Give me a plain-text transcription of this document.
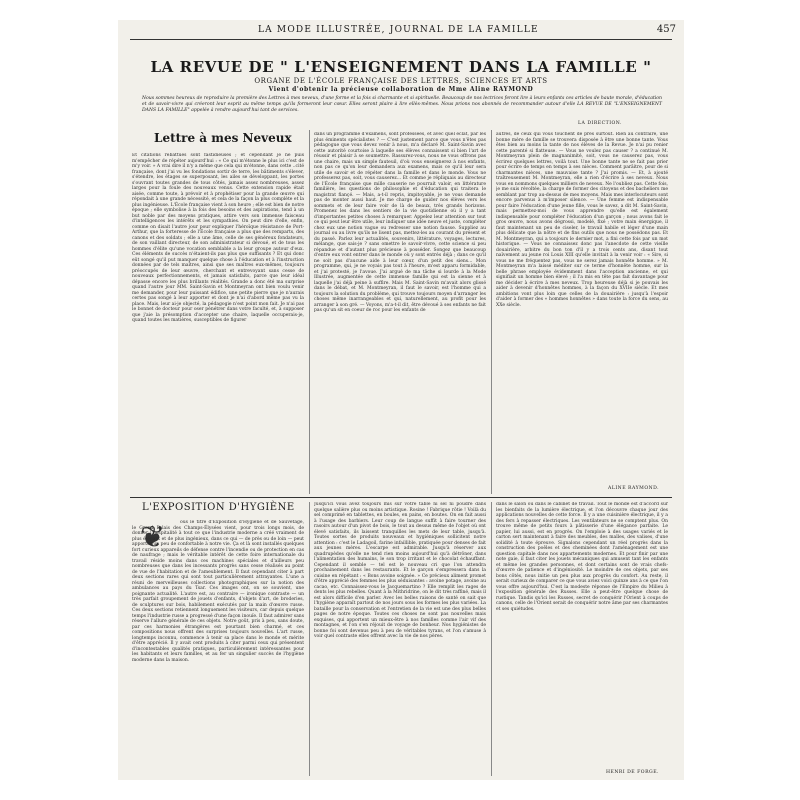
LA MODE ILLUSTRÉE, JOURNAL DE LA FAMILLE	457
LA REVUE DE " L'ENSEIGNEMENT DANS LA FAMILLE "
ORGANE DE L'ÉCOLE FRANÇAISE DES LETTRES, SCIENCES ET ARTS
Vient d'obtenir la précieuse collaboration de Mme Aline RAYMOND
Nous sommes heureux de reproduire la première des Lettres à mes neveux, d'une forme et la fois si charmante et si spirituelle. Beaucoup de nos lectrices feront lire à leurs enfants ces articles de haute morale, d'éducation et de savoir-vivre qui créeront leur esprit au même temps qu'ils formeront leur cœur. Elles seront plaire à lire ellès-mêmes. Nous prions nos abonnés de recommander autour d'elle LA REVUE DE "L'ENSEIGNEMENT DANS LA FAMILLE" appelée à rendre aujourd'hui tant de services.
LA DIRECTION.
Lettre à mes Neveux
Et citations rebattues sont fastidieuses ; et cependant je ne puis m'empêcher de répéter aujourd'hui : « Ce qui m'étonne le plus ici c'est de m'y voir. » A vrai dire il n'y a même que cela qui m'étonne, dans cette ..cité française, dont j'ai vu les fondations sortir de terre, les bâtiments s'élever, s'étendre, les étages se superposant, les ailes se développant, les portes s'ouvrant toutes grandes de tous côtés, jamais assez nombreuses, assez larges pour la foule des nouveaux venus. Cette extension rapide était aisée, comme toute, à prévoir et à prophétiser pour la grande œuvre qui répondait à une grande nécessité, et cela de la façon la plus complète et la plus ingénieuse. L'École française vient à son heure ; elle est bien de notre époque ; elle symbolise à la fois des besoins et des aspirations, tend à un but noble par des moyens pratiques, attire vers son immense faisceau d'intelligences les intérêts et les sympathies. On peut dire d'elle, enfin, comme on disait l'autre jour pour expliquer l'héroïque résistance de Port-Arthur, que la forteresse de l'École française a plus que des remparts, des canons et des soldats ; elle a une âme, celle de ses généreux fondateurs, de son vaillant directeur, de son administrateur si dévoué, et de tous les hommes d'élite qu'une vocation semblable a la leur groupe autour d'eux. Ces éléments de succès n'étaient-ils pas plus que suffisants ? Et qui donc eût songé qu'il put manquer quelque chose à l'éducation et à l'instruction données par de tels maîtres, ainsi que ses maîtres eux-mêmes, toujours préoccupés de leur œuvre, cherchant et entrevoyant sans cesse de nouveaux perfectionnements, et jamais satisfaits, parce que leur idéal dépasse encore les plus brillants réalités. Grande a donc été ma surprise quand l'autre jour MM. Saint-Savin et Montmeyran ont bien voulu venir me demander, pour leur puissant édifice, une petite pierre que je n'aurais certes pas songé à leur apporter et dont je n'ai d'abord même pas vu la place. Mais, leur ai-je objecté, la pédagogie n'est point mon fait. Je n'ai pas le bonnet de docteur pour oser pénétrer dans votre faculté, et, à supposer que j'aie la présomption d'accepter une chaire, laquelle occuperais-je, quand toutes les matières, susceptibles de figurer
dans un programme d'examens, sont professées, et avec quel éclat, par les plus éminents spécialistes ? — C'est justement parce que vous n'êtes pas pédagogue que vous devez venir à nous, m'a déclaré M. Saint-Savin avec cette autorité courtoise à laquelle ses élèves connaissent si bien l'art de réussir et plaisir à se soumettre. Rassurez-vous, nous ne vous offrons pas une chaire, mais un simple fauteuil, d'où vous enseignerez à nos enfants, non pas ce qu'on leur demandera aux examens, mais ce qu'il leur sera utile de savoir et de répéter dans la famille et dans le monde. Vous ne professerez pas, soit, vous causerez... Et comme je répliquais au directeur de l'École française que mille causerie ne pourrait valoir, en littérature familière, les questions de philosophie et d'éducation qui traitera le magistrat fiançé. — Mais, a-t-il repris, impitoyable, je ne vous demande pas de monter aussi haut. Je me charge de guider nos élèves vers les sommets et de leur faire voir de là de beaux, très grands horizons. Promenez les dans les sentiers de la vie quotidienne où il y a tant d'importantes petites choses à remarquer. Appelez leur attention sur tout ce qui peut leur être utile, leur indiquer une idée neuve et juste, compléter chez eux une notion vague ou redresser une notion fausse. Suppliez au journal ou au livre qu'ils ne lisent pas, mettez-les au courant du présent et du passé. Parlez leur actualités, souvenirs, littérature, voyages, lectures, mélange, que sais-je ? sans omettre le savoir-vivre, cette science si peu répandue et d'autant plus précieuse à posséder. Songez que beaucoup d'entre eux vont entrer dans le monde où y sont entrés déjà ; dans ce qu'il ne soit pas d'aucune aide à leur cœur, d'un petit des siens... Mon programme, qui, je ne voyais pas tout à l'heure, m'est apparu formidable, et j'ai protesté, je l'avoue. J'ai argué de ma tâche si lourde à la Mode Illustrée, augmentée de cette immense famille qui est la sienne et à laquelle j'ai déjà peine à suffire. Mais M. Saint-Savin m'avait alors glissé dans le débat, et M. Montmeyran, il faut le savoir, est l'homme qui a toujours la solution du problème, qui trouve toujours moyen d'arranger les choses même inarrangeables et qui, naturellement, au profit pour les arranger à son gré. — Voyons, m'a-t-il dit, être dévoué à ses enfants ne fait pas qu'un sit en coeur de roc pour les enfants de
autres, de ceux qui vous touchent de près surtout. Rien au contraire, une bonne mère de famille se trouvera disposée à être une bonne tante. Vous êtes bien au moins la tante de nos élèves de la Revue. Je n'ai pu renier cette parenté si flatteuse. — Vous ne voulez pas causer ? a continué M. Montmeyran plein de magnanimité, soit, vous ne causerez pas, vous écrirez quelques lettres, voilà tout. Une bonne tante ne se fait pas prier pour écrire de temps en temps à ses nièces. Comment parâitre, pour de si charmantes nièces, une mauvaise tante ? J'ai promis. — Et, à ajouté traîtreusement M. Montmeyran, elle a rien d'écrire à ses neveux. Nous vous en nommons quelques milliers de neveux. Ne l'oubliez pas. Cette fois, je me suis révoltée, la charge de former des citoyens et des bacheliers me semblant par trop au-dessus de mes moyens. Mais mes interlocuteurs sont encore parvenus à m'imposer silence. — Une femme est indispensable pour faire l'éducation d'une jeune fille, vous le savez, a dit M. Saint-Savin, mais permettez-moi de vous apprendre qu'elle est également indispensable pour compléter l'éducation d'un garçon ; nous avons fait le gros œuvre, nous avons dégrossi, modelé, fixé ; votre main énergique, il faut maintenant un peu de ciseler, le travail habile et léger d'une main plus délicate que la nôtre et de fins outils que nous ne possédons pas. Et M. Montmeyran, qui a toujours le dernier mot, a fini cette fois par un mot historique. — Vous ne connaissez donc pas l'anecdote de cette vieille douairière, arbitre du bon ton d'il y a trois cents ans, disant tout naïvement au jeune roi Louis XIII qu'elle invitait à la venir voir : « Sire, si vous ne me fréquentez pas, vous ne serez jamais honnête homme. » M. Montmeyran m'a laissé méditer sur ce terme d'honnête homme, sur la belle phrase employée évidemment dans l'acception ancienne, et qui signifiait un homme bien élevé ; il l'a mis en tête pas fait davantage pour me décider à écrire à mes neveux. Trop heureuse déjà si je pouvais les aider à devenir d'honnêtes hommes, à la façon du XVIIe siècle. Et mes ambitions vont plus loin que celles de la douairière : jusqu'à l'espoir d'aider à former des « hommes honnêtes » dans toute la force du sens, au XXe siècle.
ALINE RAYMOND.
L'EXPOSITION D'HYGIÈNE
❦	ous le titre d'Exposition d'Hygiène et de Sauvetage, le Grand Palais des Champs-Élysées vient, pour trois longs mois, de donner l'hospitalité à tout ce que l'industrie moderne a créé vraiment de plus élégant et de plus ingénieux, dans ce qui — de près ou de loin — peut apporter un peu de confortable à notre vie. Ça et là sont installés quelques fort curieux appareils de défense contre l'incendie ou de protection en cas de naufrage ; mais le véritable intérêt de cette foire internationale du travail réside moins dans ces machines spéciales et d'ailleurs peu nombreuses que dans les incessants progrès sans cesse réalisés au point de vue de l'habitation et de l'ameublement. Il faut cependant citer à part deux sections rares qui sont tout particulièrement attrayantes. L'une a réuni de merveilleuses collections photographiques sur la notion des ambulances au pays du Tsar. Ces images ont, on se souvient, une poignante actualité. L'autre est, au contraire — ironique contraste — un très parfait groupement de jouets d'enfants, d'objets d'art, de broderies, de sculptures sur bois, habilement exécutés par la main d'œuvre russe. Ces deux sections retiennent longuement les visiteurs, car depuis quelque temps l'industrie russe a progressé d'une façon inouïe. Il faut admirer sans réserve l'allure générale de ces objets. Notre goût, pris à peu, sans doute, par ces harmonies étrangères est pourtant bien charmé, et ces compositions nous offrent des surprises toujours nouvelles. L'art russe, longtemps inconnu, commence à tenir sa place dans le monde et mérite d'être apprécié. Il y avait cent produits à citer parmi ceux qui présentent d'incontestables qualités pratiques, particulièrement intéressantes pour les habitants et leurs familles, et au fer un singulier succès de l'hygiène moderne dans la maison.
Jusqu'ici vous avez toujours mis sur votre table ni sel ni poudre dans quelque salière plus ou moins artistique. Rosine ! Fabrique rôtie ! Voilà du sel comprimé en tablettes, en boules, en pains, en boutes. On en fait aussi à l'usage des barbiers. Leur coup de langue suffit à faire tourner des rasoirs autour d'un pivot de bois, le tout au dessus même de l'objet où ont élevé satisfaits, ils laissent tranquilles les mets de leur table, jusqu'à. Toutes sortes de produits nouveaux et hygiéniques sollicitent notre attention : c'est le Ladagoil, farine infaillible, pratiquée pour denses de fait aux jeunes mères. L'escarpe est admirable. Jusqu'à réserver aux quadrupèdes qu'elle ne tend rien moins aujourd'hui qu'à détrôner, dans l'alimentation des humains, le son trop irritant et le chocolat échauffant. Cependant il semble — tel est le nouveau cri que l'on attendra prochainement dans les restaurants. Et le garçon s'empressera dans la cuisine en répétant : « Bons avoine soignée. » Ce précieux aliment promet d'être apprécié des femmes les plus séduisantes : avoine potage, avoine au cacao, etc. Connaissez-vous le Jacquemartino ? Elle remplit les rages de dents les plus rebelles. Quant à la Mithridrine, on le dit très raffiné, mais il est alors difficile d'en parler. Avec les belles raisons de santé on sait que l'hygiène apparaît partout de nos jours sous les formes les plus variées. La bataille pour la conservation et l'entretien de la vie est une des plus belles pages de notre époque. Toutes ces choses ne sont pas nouvelles mais exquises, qui apportent un mieux-être à nos familles comme l'air vif des montagnes, et l'on s'en réjouit de voyage de bonheur. Nos hygiénistes de bonne foi sont devenus peu à peu de véritables tyrans, et l'on s'amuse à voir quel contraste elles offrent avec la vie de nos pères.
dans le salon ou dans le cabinet de travail. Tout le monde est d'accord sur les bienfaits de la lumière électrique, et l'on découvre chaque jour des applications nouvelles de cette force. Il y a une cuisinière électrique, il y a des fers à repasser électriques. Les ventilateurs ne se comptent plus. On trouve même de petits fours à pâtisserie d'une élégance parfaite. Le papier, lui aussi, est en progrès. On l'emploie à des usages variés et le carton sert maintenant à faire des meubles, des malles, des valises, d'une solidité à toute épreuve. Signalons cependant un réel progrès dans la construction des poêles et des cheminées dont l'aménagement est une question capitale dans nos appartements modernes. Et pour finir par une note gaie, il faut citer les jouets mécaniques qui amusent tant les enfants et même les grandes personnes, et dont certains sont de vrais chefs-d'œuvre de patience et d'ingéniosité. Le moindre de ces objets, par ses bons côtés, nous initie un peu plus aux progrès du confort. Au reste, il serait curieux de comparer ce que vous aviez voici quinze ans à ce que l'on vous offre aujourd'hui. C'est la modeste réponse de l'Empire du Milieu à l'exposition générale des Russes. Elle a peut-être quelque chose de rustique. Tandis qu'ici les Russes, secret de conquérir l'Orient à coups de canons, celle de l'Orient serait de conquérir notre âme par ses charmantes et ses quiétudes.
HENRI DE FORGE.
